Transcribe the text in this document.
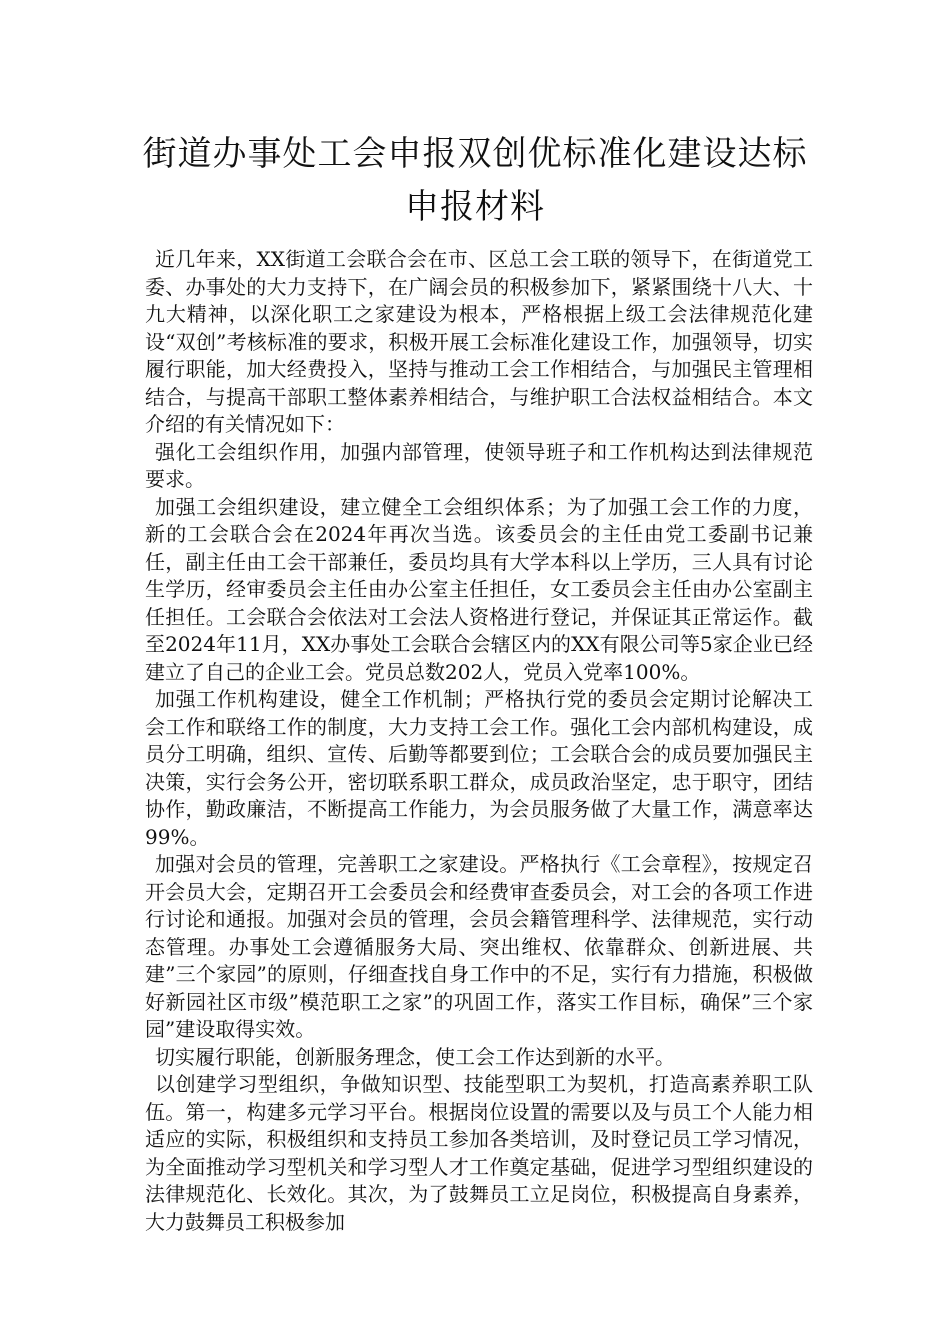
街道办事处工会申报双创优标准化建设达标申报材料

近几年来，XX街道工会联合会在市、区总工会工联的领导下，在街道党工委、办事处的大力支持下，在广阔会员的积极参加下，紧紧围绕十八大、十九大精神，以深化职工之家建设为根本，严格根据上级工会法律规范化建设“双创”考核标准的要求，积极开展工会标准化建设工作，加强领导，切实履行职能，加大经费投入，坚持与推动工会工作相结合，与加强民主管理相结合，与提高干部职工整体素养相结合，与维护职工合法权益相结合。本文介绍的有关情况如下：

强化工会组织作用，加强内部管理，使领导班子和工作机构达到法律规范要求。

加强工会组织建设，建立健全工会组织体系；为了加强工会工作的力度，新的工会联合会在2024年再次当选。该委员会的主任由党工委副书记兼任，副主任由工会干部兼任，委员均具有大学本科以上学历，三人具有讨论生学历，经审委员会主任由办公室主任担任，女工委员会主任由办公室副主任担任。工会联合会依法对工会法人资格进行登记，并保证其正常运作。截至2024年11月，XX办事处工会联合会辖区内的XX有限公司等5家企业已经建立了自己的企业工会。党员总数202人，党员入党率100%。

加强工作机构建设，健全工作机制；严格执行党的委员会定期讨论解决工会工作和联络工作的制度，大力支持工会工作。强化工会内部机构建设，成员分工明确，组织、宣传、后勤等都要到位；工会联合会的成员要加强民主决策，实行会务公开，密切联系职工群众，成员政治坚定，忠于职守，团结协作，勤政廉洁，不断提高工作能力，为会员服务做了大量工作，满意率达99%。

加强对会员的管理，完善职工之家建设。严格执行《工会章程》，按规定召开会员大会，定期召开工会委员会和经费审查委员会，对工会的各项工作进行讨论和通报。加强对会员的管理，会员会籍管理科学、法律规范，实行动态管理。办事处工会遵循服务大局、突出维权、依靠群众、创新进展、共建”三个家园”的原则，仔细查找自身工作中的不足，实行有力措施，积极做好新园社区市级”模范职工之家”的巩固工作，落实工作目标，确保”三个家园”建设取得实效。

切实履行职能，创新服务理念，使工会工作达到新的水平。

以创建学习型组织，争做知识型、技能型职工为契机，打造高素养职工队伍。第一，构建多元学习平台。根据岗位设置的需要以及与员工个人能力相适应的实际，积极组织和支持员工参加各类培训，及时登记员工学习情况，为全面推动学习型机关和学习型人才工作奠定基础，促进学习型组织建设的法律规范化、长效化。其次，为了鼓舞员工立足岗位，积极提高自身素养，大力鼓舞员工积极参加
